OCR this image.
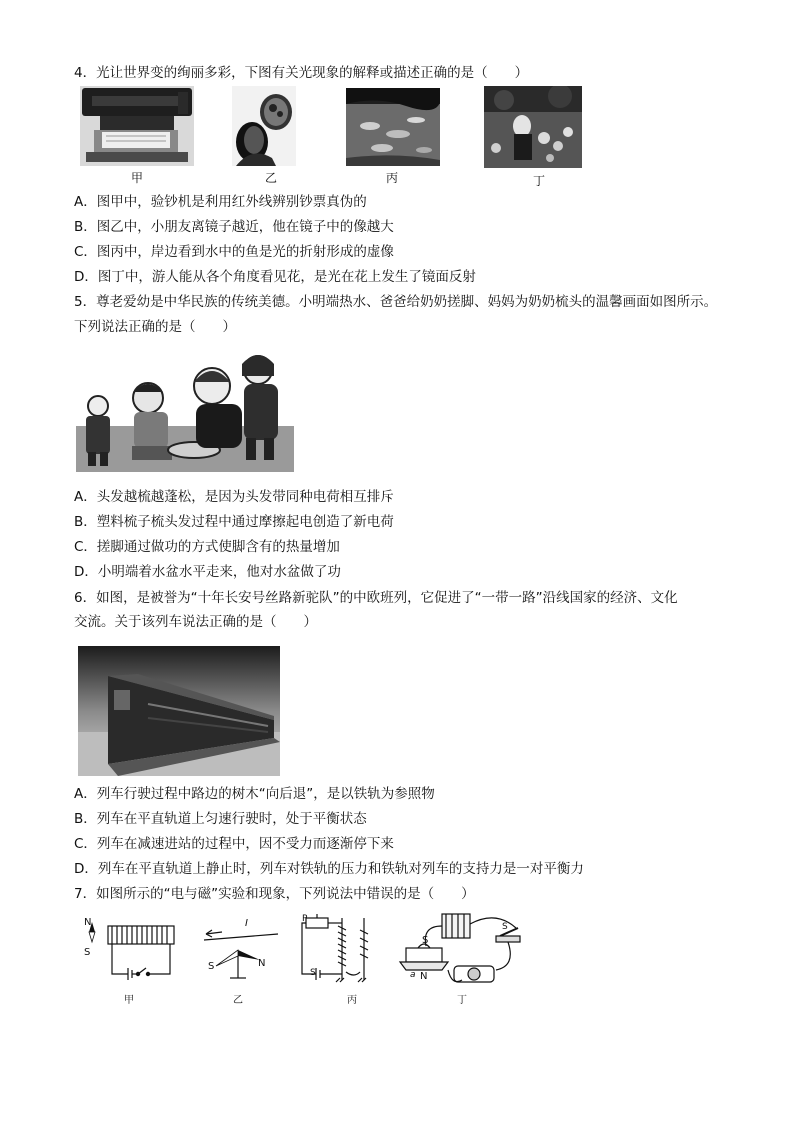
4．光让世界变的绚丽多彩，下图有关光现象的解释或描述正确的是（　　）
甲	乙	丙	丁
A．图甲中，验钞机是利用红外线辨别钞票真伪的
B．图乙中，小朋友离镜子越近，他在镜子中的像越大
C．图丙中，岸边看到水中的鱼是光的折射形成的虚像
D．图丁中，游人能从各个角度看见花，是光在花上发生了镜面反射
5．尊老爱幼是中华民族的传统美德。小明端热水、爸爸给奶奶搓脚、妈妈为奶奶梳头的温馨画面如图所示。
下列说法正确的是（　　）
A．头发越梳越蓬松，是因为头发带同种电荷相互排斥
B．塑料梳子梳头发过程中通过摩擦起电创造了新电荷
C．搓脚通过做功的方式使脚含有的热量增加
D．小明端着水盆水平走来，他对水盆做了功
6．如图，是被誉为“十年长安号丝路新驼队”的中欧班列，它促进了“一带一路”沿线国家的经济、文化
交流。关于该列车说法正确的是（　　）
A．列车行驶过程中路边的树木“向后退”，是以铁轨为参照物
B．列车在平直轨道上匀速行驶时，处于平衡状态
C．列车在减速进站的过程中，因不受力而逐渐停下来
D．列车在平直轨道上静止时，列车对铁轨的压力和铁轨对列车的支持力是一对平衡力
7．如图所示的“电与磁”实验和现象，下列说法中错误的是（　　）
N
S
I
S	N
P
S
S
S
a N
甲	乙	丙	丁
